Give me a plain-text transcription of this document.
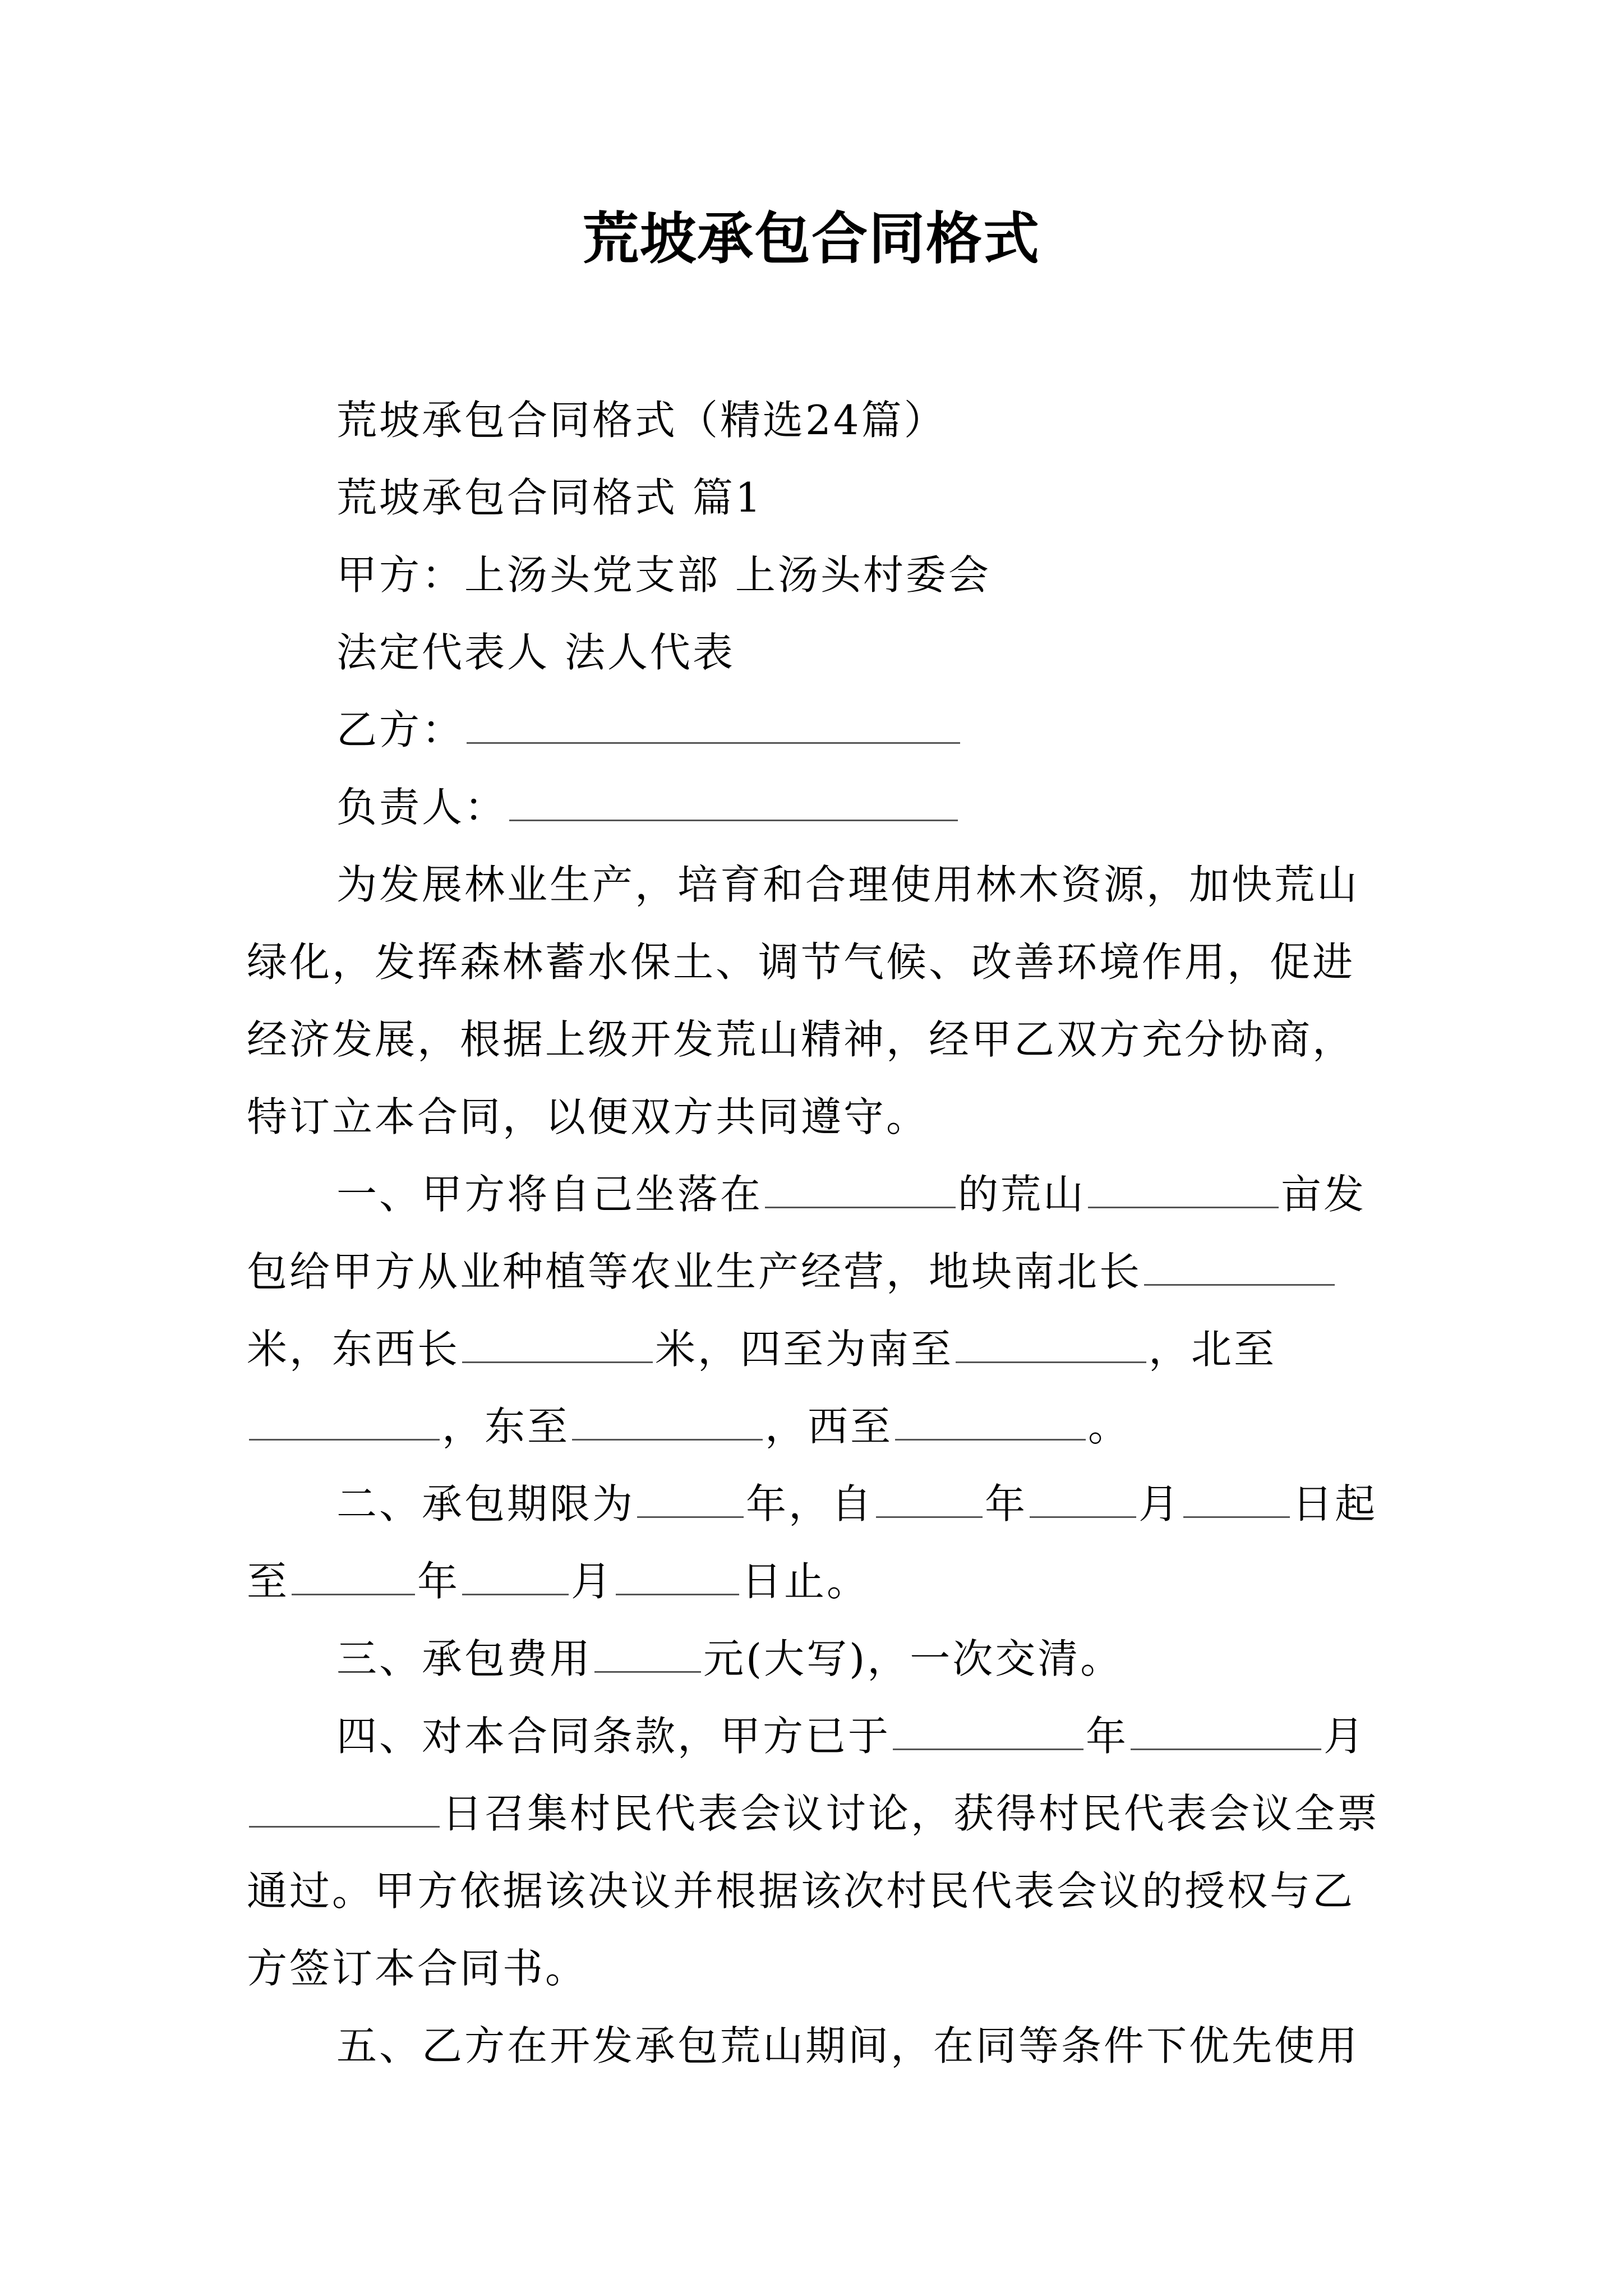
荒坡承包合同格式

荒坡承包合同格式（精选24篇）

荒坡承包合同格式 篇1

甲方：上汤头党支部 上汤头村委会

法定代表人 法人代表

乙方：

负责人：

为发展林业生产，培育和合理使用林木资源，加快荒山绿化，发挥森林蓄水保土、调节气候、改善环境作用，促进经济发展，根据上级开发荒山精神，经甲乙双方充分协商，特订立本合同，以便双方共同遵守。

一、甲方将自己坐落在	的荒山	亩发包给甲方从业种植等农业生产经营，地块南北长米，东西长	米，四至为南至	，北至，东至	，西至	。

二、承包期限为	年，自	年	月	日起 至	年	月	日止。

三、承包费用	元(大写)，一次交清。

四、对本合同条款，甲方已于	年	月日召集村民代表会议讨论，获得村民代表会议全票通过。甲方依据该决议并根据该次村民代表会议的授权与乙方签订本合同书。

五、乙方在开发承包荒山期间，在同等条件下优先使用
